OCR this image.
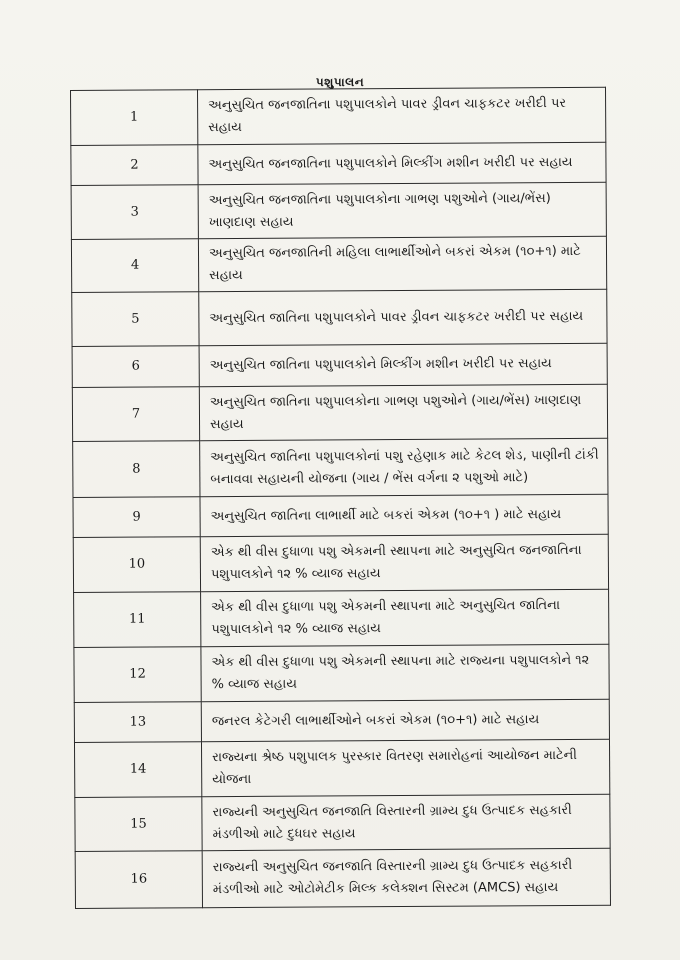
પશુપાલન
1	અનુસુચિત જનજાતિના પશુપાલકોને પાવર ડ્રીવન ચાફકટર ખરીદી પર સહાય
2	અનુસુચિત જનજાતિના પશુપાલકોને મિલ્કીંગ મશીન ખરીદી પર સહાય
3	અનુસુચિત જનજાતિના પશુપાલકોના ગાભણ પશુઓને (ગાય/ભેંસ) ખાણદાણ સહાય
4	અનુસુચિત જનજાતિની મહિલા લાભાર્થીઓને બકરાં એકમ (૧૦+૧) માટે સહાય
5	અનુસુચિત જાતિના પશુપાલકોને પાવર ડ્રીવન ચાફકટર ખરીદી પર સહાય
6	અનુસુચિત જાતિના પશુપાલકોને મિલ્કીંગ મશીન ખરીદી પર સહાય
7	અનુસુચિત જાતિના પશુપાલકોના ગાભણ પશુઓને (ગાય/ભેંસ) ખાણદાણ સહાય
8	અનુસુચિત જાતિના પશુપાલકોનાં પશુ રહેણાક માટે કેટલ શેડ, પાણીની ટાંકી બનાવવા સહાયની યોજના (ગાય / ભેંસ વર્ગના ૨ પશુઓ માટે)
9	અનુસુચિત જાતિના લાભાર્થી માટે બકરાં એકમ (૧૦+૧ ) માટે સહાય
10	એક થી વીસ દુધાળા પશુ એકમની સ્થાપના માટે અનુસુચિત જનજાતિના પશુપાલકોને ૧૨ % વ્યાજ સહાય
11	એક થી વીસ દુધાળા પશુ એકમની સ્થાપના માટે અનુસુચિત જાતિના પશુપાલકોને ૧૨ % વ્યાજ સહાય
12	એક થી વીસ દુધાળા પશુ એકમની સ્થાપના માટે રાજ્યના પશુપાલકોને ૧૨ % વ્યાજ સહાય
13	જનરલ કેટેગરી લાભાર્થીઓને બકરાં એકમ (૧૦+૧) માટે સહાય
14	રાજ્યના શ્રેષ્ઠ પશુપાલક પુરસ્કાર વિતરણ સમારોહનાં આયોજન માટેની યોજના
15	રાજ્યની અનુસુચિત જનજાતિ વિસ્તારની ગ્રામ્ય દુધ ઉત્પાદક સહકારી મંડળીઓ માટે દુધઘર સહાય
16	રાજ્યની અનુસુચિત જનજાતિ વિસ્તારની ગ્રામ્ય દુધ ઉત્પાદક સહકારી મંડળીઓ માટે ઓટોમેટીક મિલ્ક કલેક્શન સિસ્ટમ (AMCS) સહાય
